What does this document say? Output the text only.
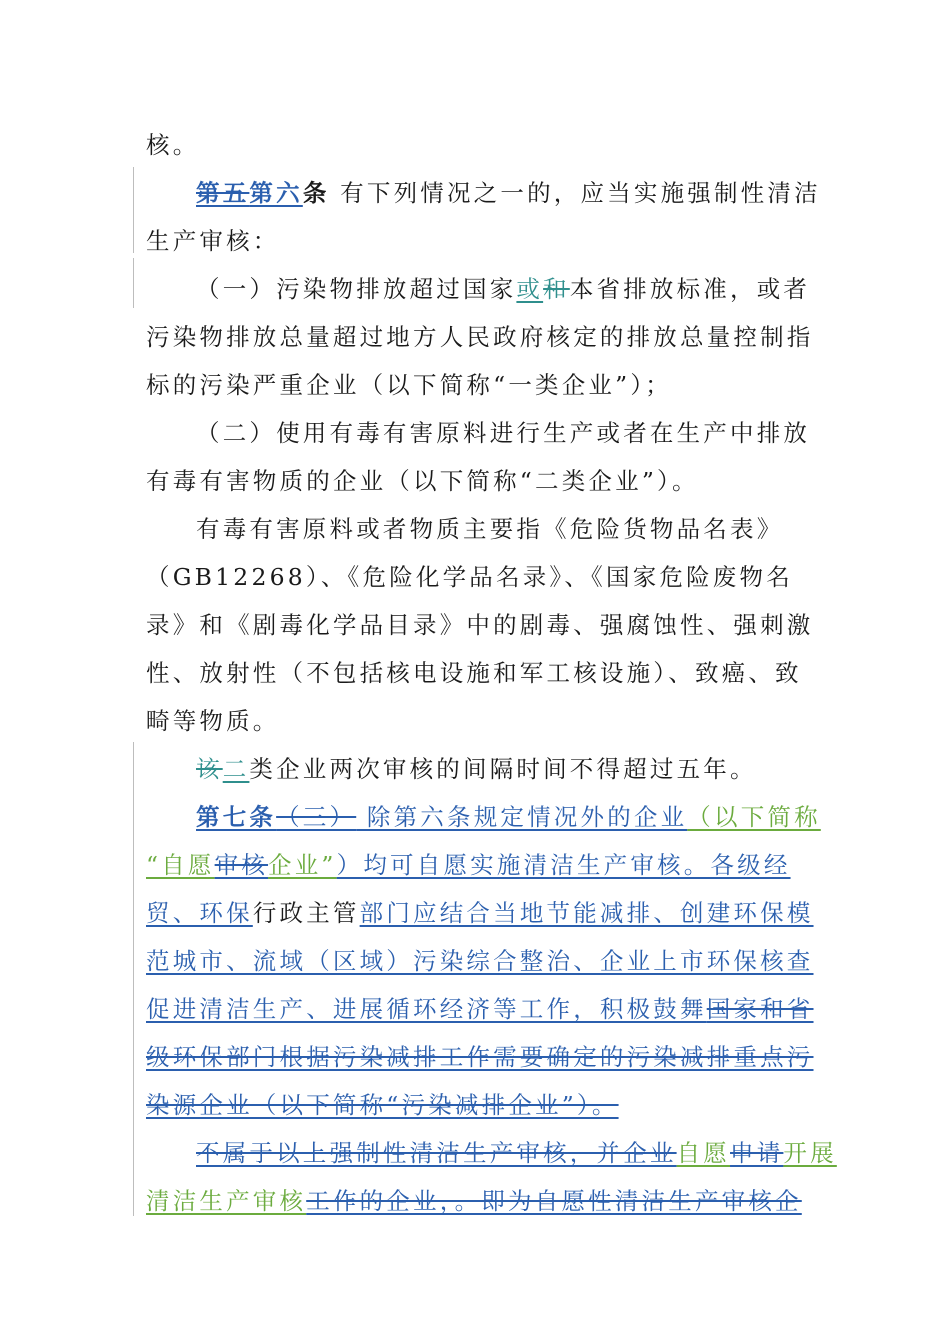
核。
第五第六条 有下列情况之一的，应当实施强制性清洁
生产审核：
（一）污染物排放超过国家或和本省排放标准，或者
污染物排放总量超过地方人民政府核定的排放总量控制指
标的污染严重企业（以下简称“一类企业”）；
（二）使用有毒有害原料进行生产或者在生产中排放
有毒有害物质的企业（以下简称“二类企业”）。
有毒有害原料或者物质主要指《危险货物品名表》
（GB12268）、《危险化学品名录》、《国家危险废物名
录》和《剧毒化学品目录》中的剧毒、强腐蚀性、强刺激
性、放射性（不包括核电设施和军工核设施）、致癌、致
畸等物质。
该二类企业两次审核的间隔时间不得超过五年。
第七条（三） 除第六条规定情况外的企业（以下简称
“自愿审核企业”）均可自愿实施清洁生产审核。各级经
贸、环保行政主管部门应结合当地节能减排、创建环保模
范城市、流域（区域）污染综合整治、企业上市环保核查
促进清洁生产、进展循环经济等工作，积极鼓舞国家和省
级环保部门根据污染减排工作需要确定的污染减排重点污
染源企业（以下简称“污染减排企业”）。
不属于以上强制性清洁生产审核，并企业自愿申请开展
清洁生产审核工作的企业，。即为自愿性清洁生产审核企
